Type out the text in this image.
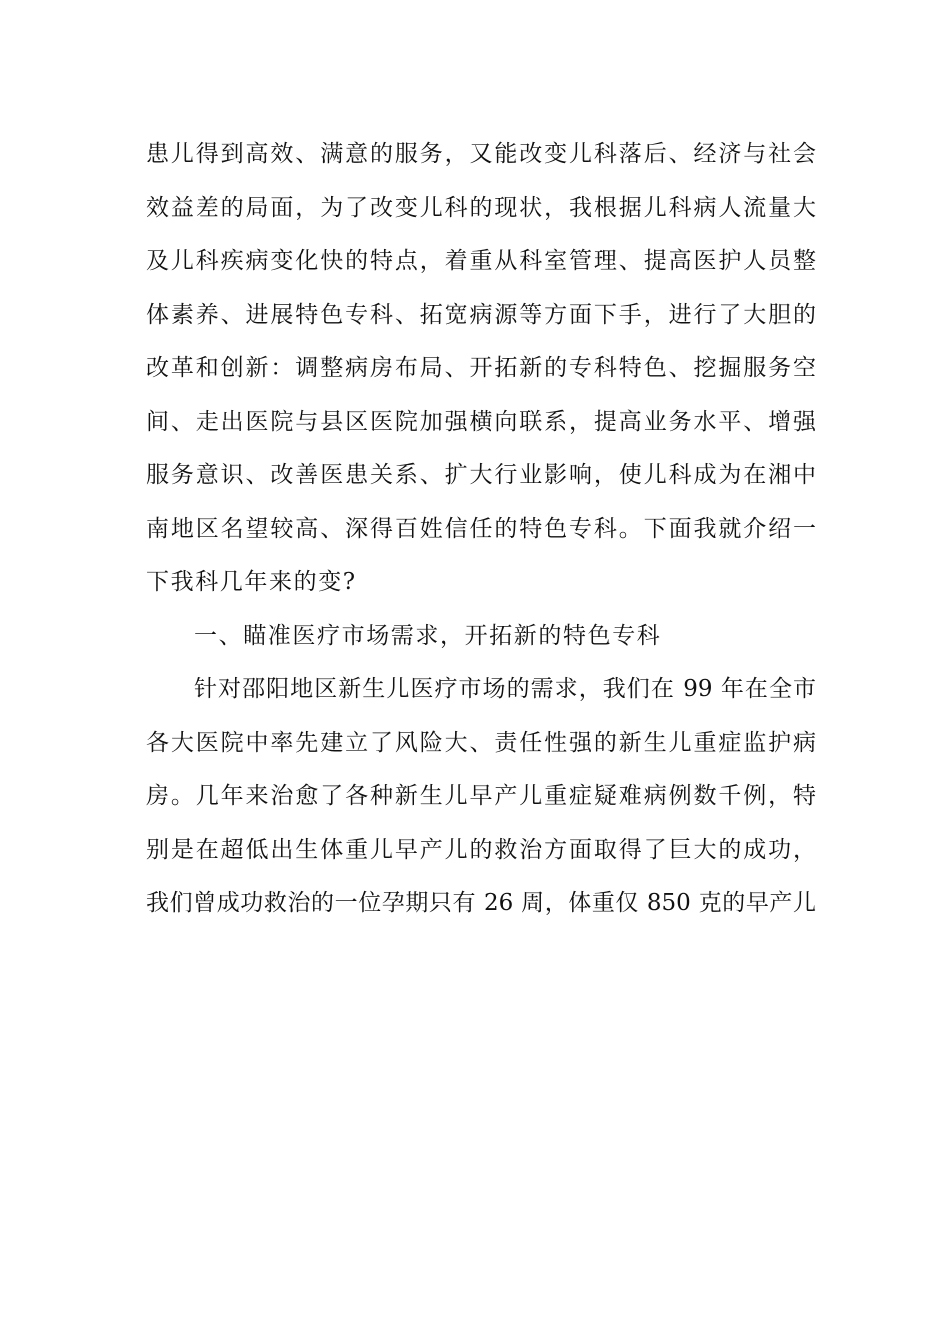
患儿得到高效、满意的服务，又能改变儿科落后、经济与社会
效益差的局面，为了改变儿科的现状，我根据儿科病人流量大
及儿科疾病变化快的特点，着重从科室管理、提高医护人员整
体素养、进展特色专科、拓宽病源等方面下手，进行了大胆的
改革和创新：调整病房布局、开拓新的专科特色、挖掘服务空
间、走出医院与县区医院加强横向联系，提高业务水平、增强
服务意识、改善医患关系、扩大行业影响，使儿科成为在湘中
南地区名望较高、深得百姓信任的特色专科。下面我就介绍一
下我科几年来的变?
一、瞄准医疗市场需求，开拓新的特色专科
针对邵阳地区新生儿医疗市场的需求，我们在 99 年在全市
各大医院中率先建立了风险大、责任性强的新生儿重症监护病
房。几年来治愈了各种新生儿早产儿重症疑难病例数千例，特
别是在超低出生体重儿早产儿的救治方面取得了巨大的成功，
我们曾成功救治的一位孕期只有 26 周，体重仅 850 克的早产儿
